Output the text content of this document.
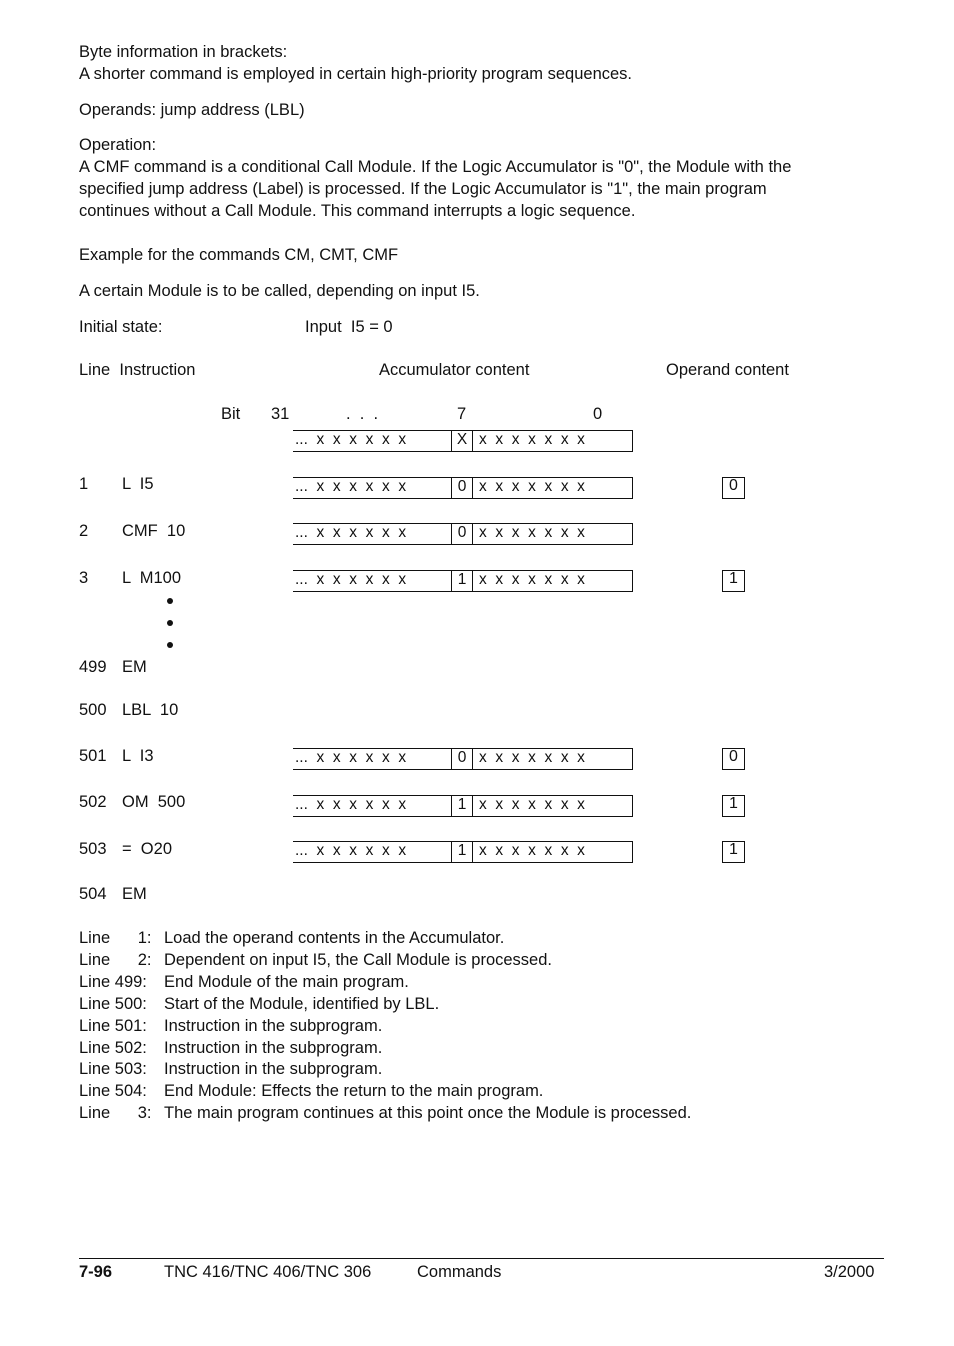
Byte information in brackets:
A shorter command is employed in certain high-priority program sequences.
Operands: jump address (LBL)
Operation:
A CMF command is a conditional Call Module. If the Logic Accumulator is "0", the Module with the
specified jump address (Label) is processed. If the Logic Accumulator is "1", the main program
continues without a Call Module. This command interrupts a logic sequence.
Example for the commands CM, CMT, CMF
A certain Module is to be called, depending on input I5.
Initial state:	Input  I5 = 0
Line  Instruction	Accumulator content	Operand content
Bit 31	.  .  .	7	0
...  x  x  x  x  x  x	X x  x  x  x  x  x  x
1 L  I5	...  x  x  x  x  x  x	0 x  x  x  x  x  x  x	0
2 CMF  10	...  x  x  x  x  x  x	0 x  x  x  x  x  x  x
3 L  M100	...  x  x  x  x  x  x	1 x  x  x  x  x  x  x	1
499 EM
500 LBL  10
501 L  I3	...  x  x  x  x  x  x	0 x  x  x  x  x  x  x	0
502 OM  500	...  x  x  x  x  x  x	1 x  x  x  x  x  x  x	1
503 =  O20	...  x  x  x  x  x  x	1 x  x  x  x  x  x  x	1
504 EM
Line      1: Load the operand contents in the Accumulator.
Line      2: Dependent on input I5, the Call Module is processed.
Line 499: End Module of the main program.
Line 500: Start of the Module, identified by LBL.
Line 501: Instruction in the subprogram.
Line 502: Instruction in the subprogram.
Line 503: Instruction in the subprogram.
Line 504: End Module: Effects the return to the main program.
Line      3: The main program continues at this point once the Module is processed.
7-96	TNC 416/TNC 406/TNC 306	Commands	3/2000
